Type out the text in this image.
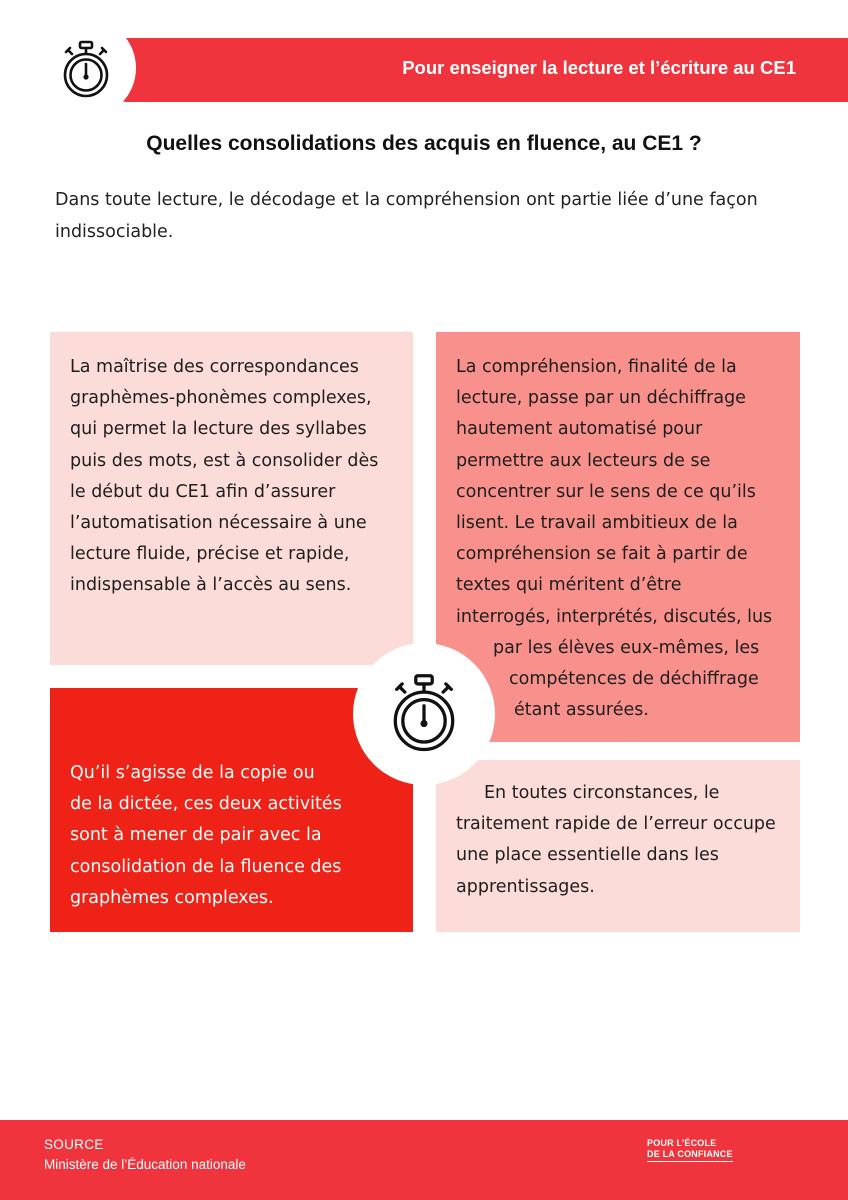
Pour enseigner la lecture et l’écriture au CE1
Quelles consolidations des acquis en fluence, au CE1 ?
Dans toute lecture, le décodage et la compréhension ont partie liée d’une façon
indissociable.
La maîtrise des correspondances
graphèmes-phonèmes complexes,
qui permet la lecture des syllabes
puis des mots, est à consolider dès
le début du CE1 afin d’assurer
l’automatisation nécessaire à une
lecture fluide, précise et rapide,
indispensable à l’accès au sens.
La compréhension, finalité de la
lecture, passe par un déchiffrage
hautement automatisé pour
permettre aux lecteurs de se
concentrer sur le sens de ce qu’ils
lisent. Le travail ambitieux de la
compréhension se fait à partir de
textes qui méritent d’être
interrogés, interprétés, discutés, lus
par les élèves eux-mêmes, les
compétences de déchiffrage
étant assurées.
Qu’il s’agisse de la copie ou
de la dictée, ces deux activités
sont à mener de pair avec la
consolidation de la fluence des
graphèmes complexes.
En toutes circonstances, le
traitement rapide de l’erreur occupe
une place essentielle dans les
apprentissages.
SOURCE
Ministère de l’Éducation nationale
POUR L’ÉCOLE
DE LA CONFIANCE
